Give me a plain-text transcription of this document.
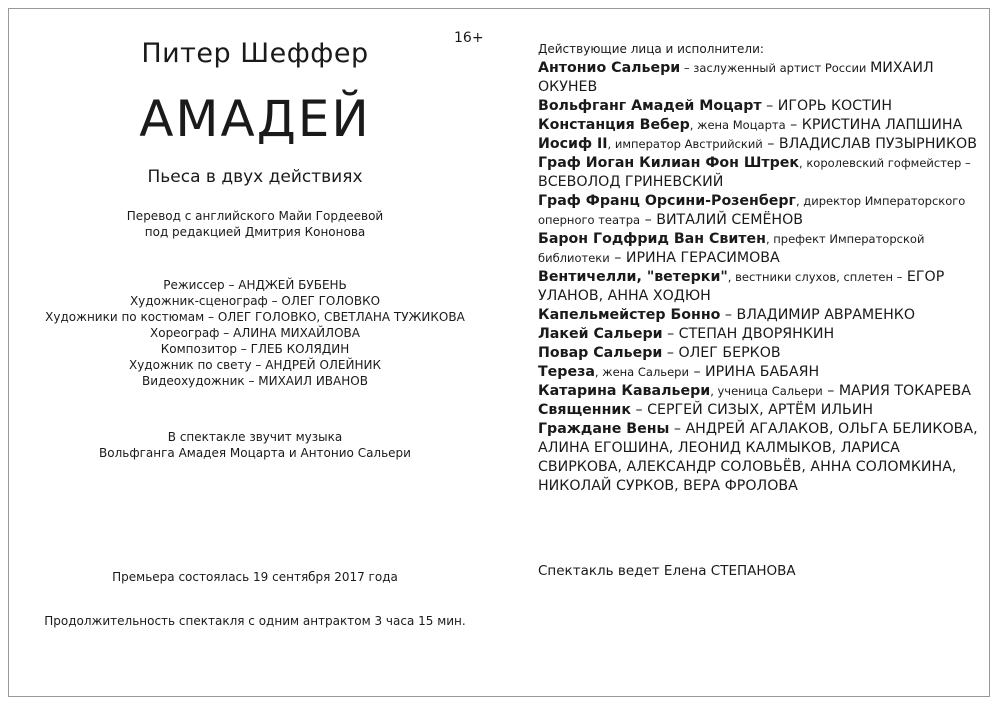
Питер Шеффер
АМАДЕЙ
Пьеса в двух действиях
16+
Перевод с английского Майи Гордеевой
под редакцией Дмитрия Кононова
Режиссер – АНДЖЕЙ БУБЕНЬ
Художник-сценограф – ОЛЕГ ГОЛОВКО
Художники по костюмам – ОЛЕГ ГОЛОВКО, СВЕТЛАНА ТУЖИКОВА
Хореограф – АЛИНА МИХАЙЛОВА
Композитор – ГЛЕБ КОЛЯДИН
Художник по свету – АНДРЕЙ ОЛЕЙНИК
Видеохудожник – МИХАИЛ ИВАНОВ
В спектакле звучит музыка
Вольфганга Амадея Моцарта и Антонио Сальери
Премьера состоялась 19 сентября 2017 года
Продолжительность спектакля с одним антрактом 3 часа 15 мин.
Действующие лица и исполнители:
Антонио Сальери – заслуженный артист России МИХАИЛ ОКУНЕВ
Вольфганг Амадей Моцарт – ИГОРЬ КОСТИН
Констанция Вебер, жена Моцарта – КРИСТИНА ЛАПШИНА
Иосиф II, император Австрийский – ВЛАДИСЛАВ ПУЗЫРНИКОВ
Граф Иоган Килиан Фон Штрек, королевский гофмейстер – ВСЕВОЛОД ГРИНЕВСКИЙ
Граф Франц Орсини-Розенберг, директор Императорского оперного театра – ВИТАЛИЙ СЕМЁНОВ
Барон Годфрид Ван Свитен, префект Императорской библиотеки – ИРИНА ГЕРАСИМОВА
Вентичелли, "ветерки", вестники слухов, сплетен – ЕГОР УЛАНОВ, АННА ХОДЮН
Капельмейстер Бонно – ВЛАДИМИР АВРАМЕНКО
Лакей Сальери – СТЕПАН ДВОРЯНКИН
Повар Сальери – ОЛЕГ БЕРКОВ
Тереза, жена Сальери – ИРИНА БАБАЯН
Катарина Кавальери, ученица Сальери – МАРИЯ ТОКАРЕВА
Священник – СЕРГЕЙ СИЗЫХ, АРТЁМ ИЛЬИН
Граждане Вены – АНДРЕЙ АГАЛАКОВ, ОЛЬГА БЕЛИКОВА, АЛИНА ЕГОШИНА, ЛЕОНИД КАЛМЫКОВ, ЛАРИСА СВИРКОВА, АЛЕКСАНДР СОЛОВЬЁВ, АННА СОЛОМКИНА, НИКОЛАЙ СУРКОВ, ВЕРА ФРОЛОВА
Спектакль ведет Елена СТЕПАНОВА
